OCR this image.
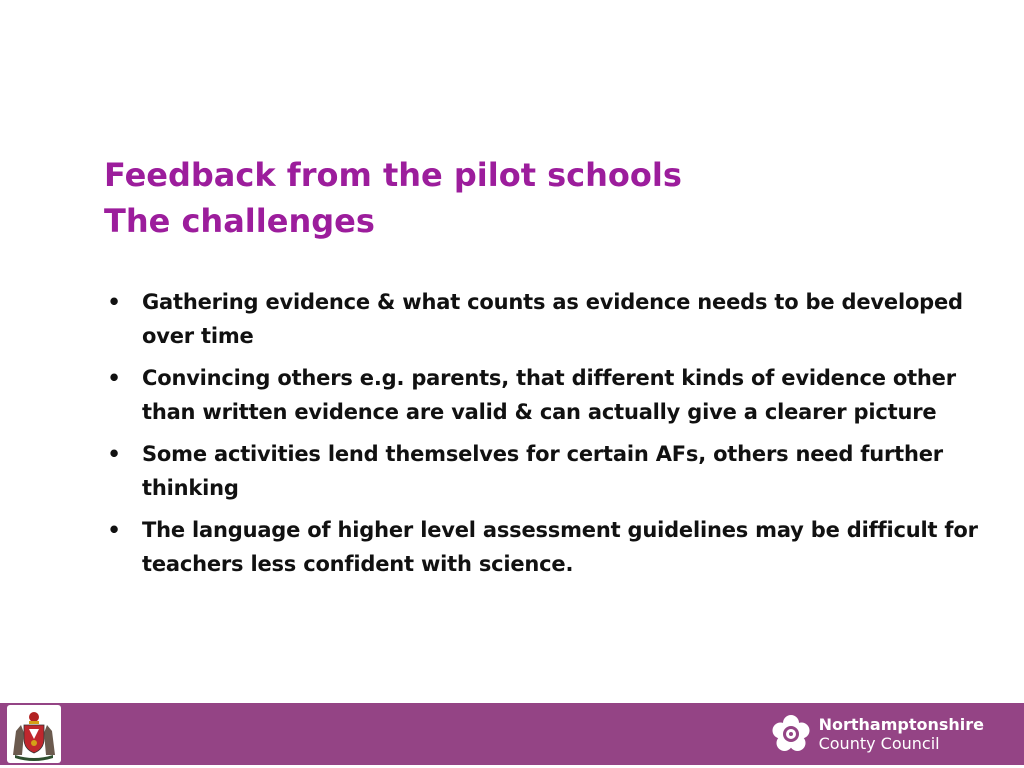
Feedback from the pilot schools
The challenges
• Gathering evidence & what counts as evidence needs to be developed over time
• Convincing others e.g. parents, that different kinds of evidence other than written evidence are valid & can actually give a clearer picture
• Some activities lend themselves for certain AFs, others need further thinking
• The language of higher level assessment guidelines may be difficult for teachers less confident with science.
Northamptonshire
County Council
